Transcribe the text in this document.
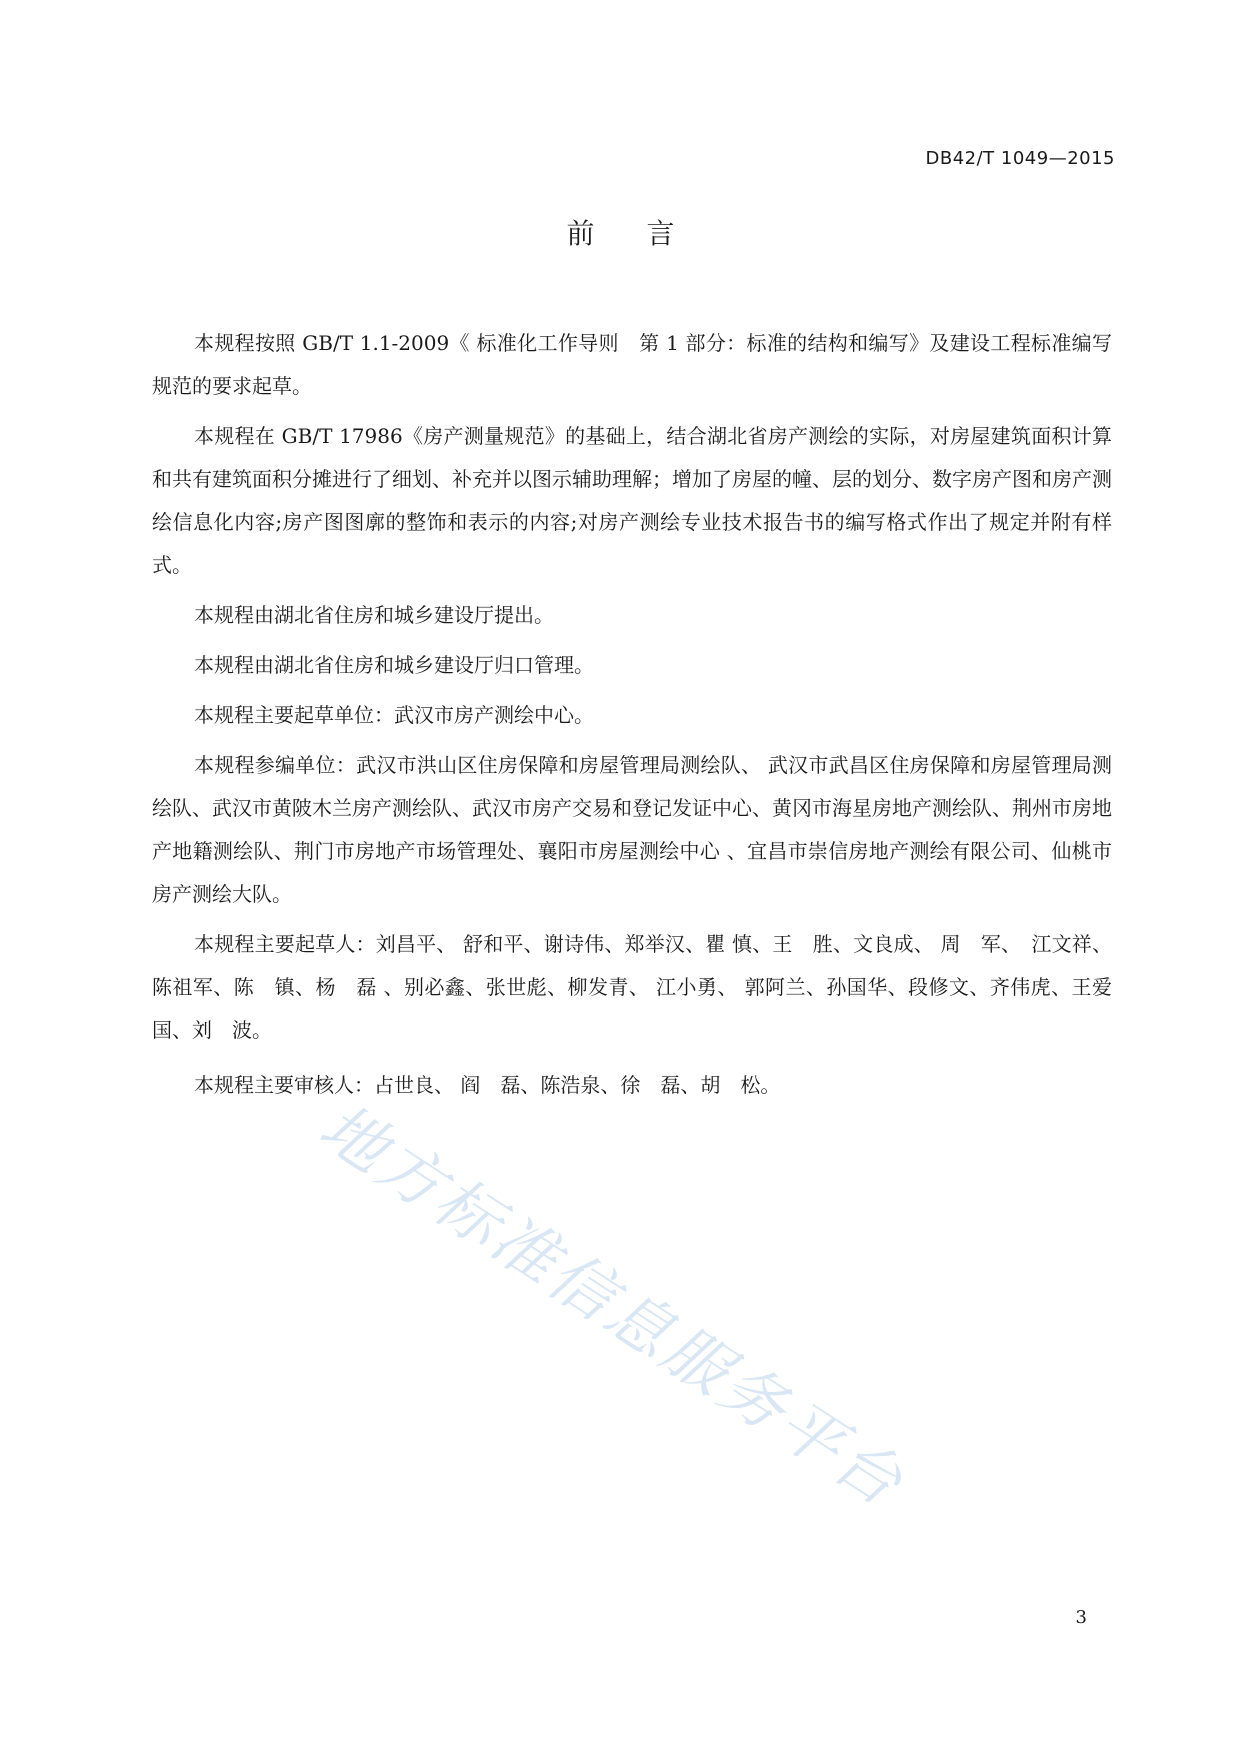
DB42/T 1049—2015
前 言

本规程按照 GB/T 1.1-2009《 标准化工作导则　第 1 部分：标准的结构和编写》及建设工程标准编写规范的要求起草。

本规程在 GB/T 17986《房产测量规范》的基础上，结合湖北省房产测绘的实际，对房屋建筑面积计算和共有建筑面积分摊进行了细划、补充并以图示辅助理解；增加了房屋的幢、层的划分、数字房产图和房产测绘信息化内容;房产图图廓的整饰和表示的内容;对房产测绘专业技术报告书的编写格式作出了规定并附有样式。

本规程由湖北省住房和城乡建设厅提出。

本规程由湖北省住房和城乡建设厅归口管理。

本规程主要起草单位：武汉市房产测绘中心。

本规程参编单位：武汉市洪山区住房保障和房屋管理局测绘队、 武汉市武昌区住房保障和房屋管理局测绘队、武汉市黄陂木兰房产测绘队、武汉市房产交易和登记发证中心、黄冈市海星房地产测绘队、荆州市房地产地籍测绘队、荆门市房地产市场管理处、襄阳市房屋测绘中心 、宜昌市崇信房地产测绘有限公司、仙桃市房产测绘大队。

本规程主要起草人：刘昌平、 舒和平、谢诗伟、郑举汉、瞿 慎、王　胜、文良成、 周　军、　江文祥、陈祖军、陈　镇、杨　磊 、别必鑫、张世彪、柳发青、 江小勇、 郭阿兰、孙国华、段修文、齐伟虎、王爱国、刘　波。

本规程主要审核人：占世良、 阎　磊、陈浩泉、徐　磊、胡　松。

地方标准信息服务平台
3
